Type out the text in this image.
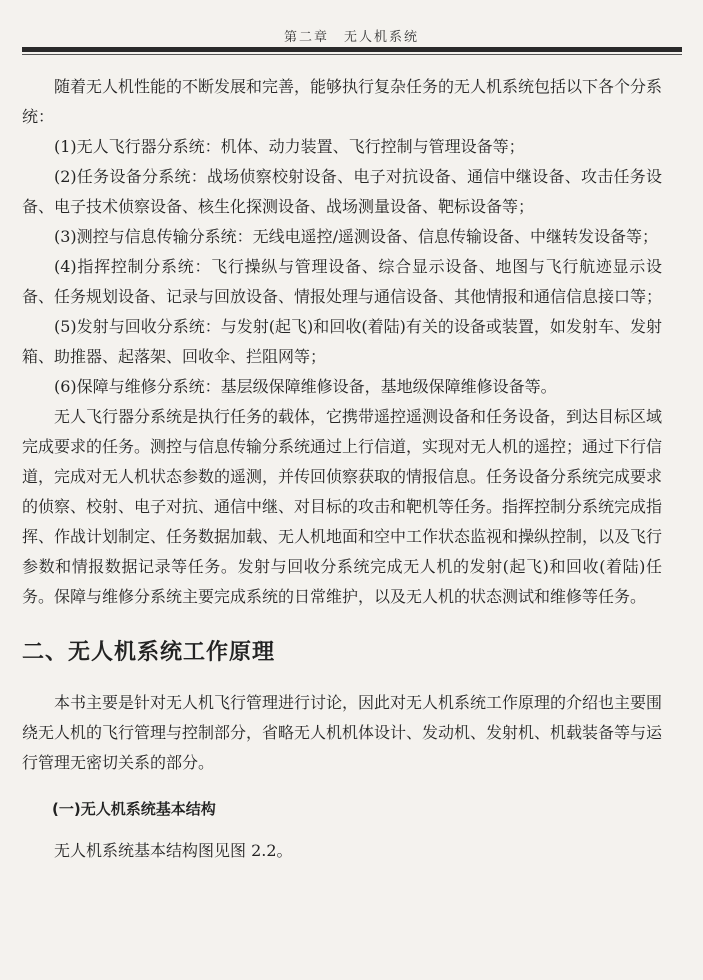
第二章　无人机系统

随着无人机性能的不断发展和完善，能够执行复杂任务的无人机系统包括以下各个分系统：

(1)无人飞行器分系统：机体、动力装置、飞行控制与管理设备等；

(2)任务设备分系统：战场侦察校射设备、电子对抗设备、通信中继设备、攻击任务设备、电子技术侦察设备、核生化探测设备、战场测量设备、靶标设备等；

(3)测控与信息传输分系统：无线电遥控/遥测设备、信息传输设备、中继转发设备等；

(4)指挥控制分系统：飞行操纵与管理设备、综合显示设备、地图与飞行航迹显示设备、任务规划设备、记录与回放设备、情报处理与通信设备、其他情报和通信信息接口等；

(5)发射与回收分系统：与发射(起飞)和回收(着陆)有关的设备或装置，如发射车、发射箱、助推器、起落架、回收伞、拦阻网等；

(6)保障与维修分系统：基层级保障维修设备，基地级保障维修设备等。

无人飞行器分系统是执行任务的载体，它携带遥控遥测设备和任务设备，到达目标区域完成要求的任务。测控与信息传输分系统通过上行信道，实现对无人机的遥控；通过下行信道，完成对无人机状态参数的遥测，并传回侦察获取的情报信息。任务设备分系统完成要求的侦察、校射、电子对抗、通信中继、对目标的攻击和靶机等任务。指挥控制分系统完成指挥、作战计划制定、任务数据加载、无人机地面和空中工作状态监视和操纵控制，以及飞行参数和情报数据记录等任务。发射与回收分系统完成无人机的发射(起飞)和回收(着陆)任务。保障与维修分系统主要完成系统的日常维护，以及无人机的状态测试和维修等任务。

二、无人机系统工作原理

本书主要是针对无人机飞行管理进行讨论，因此对无人机系统工作原理的介绍也主要围绕无人机的飞行管理与控制部分，省略无人机机体设计、发动机、发射机、机载装备等与运行管理无密切关系的部分。

(一)无人机系统基本结构

无人机系统基本结构图见图 2.2。
